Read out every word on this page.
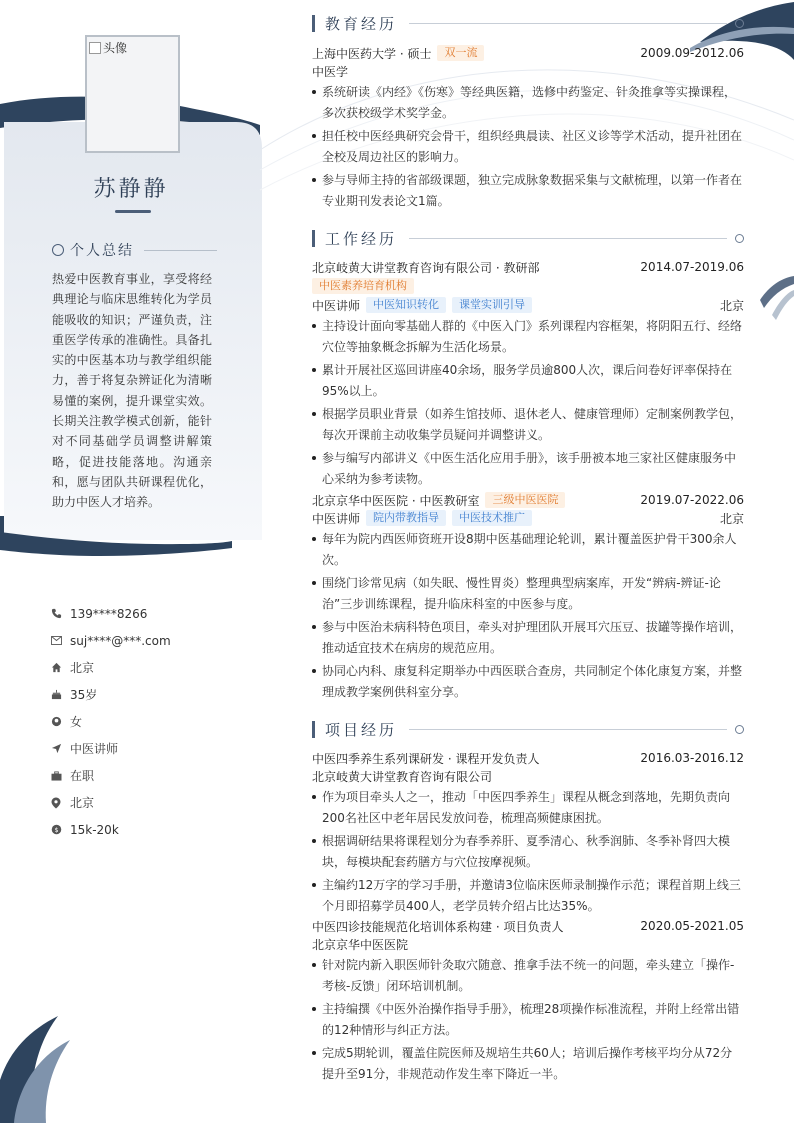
头像
苏静静
个人总结
热爱中医教育事业，享受将经典理论与临床思维转化为学员能吸收的知识；严谨负责，注重医学传承的准确性。具备扎实的中医基本功与教学组织能力，善于将复杂辨证化为清晰易懂的案例，提升课堂实效。长期关注教学模式创新，能针对不同基础学员调整讲解策略，促进技能落地。沟通亲和，愿与团队共研课程优化，助力中医人才培养。
139****8266
suj****@***.com
北京
35岁
女
中医讲师
在职
北京
$ 15k-20k
教育经历
上海中医药大学 · 硕士	双一流	2009.09-2012.06
中医学
系统研读《内经》《伤寒》等经典医籍，选修中药鉴定、针灸推拿等实操课程，多次获校级学术奖学金。
担任校中医经典研究会骨干，组织经典晨读、社区义诊等学术活动，提升社团在全校及周边社区的影响力。
参与导师主持的省部级课题，独立完成脉象数据采集与文献梳理，以第一作者在专业期刊发表论文1篇。
工作经历
北京岐黄大讲堂教育咨询有限公司 · 教研部	2014.07-2019.06
中医素养培育机构
中医讲师	中医知识转化	课堂实训引导	北京
主持设计面向零基础人群的《中医入门》系列课程内容框架，将阴阳五行、经络穴位等抽象概念拆解为生活化场景。
累计开展社区巡回讲座40余场，服务学员逾800人次，课后问卷好评率保持在95%以上。
根据学员职业背景（如养生馆技师、退休老人、健康管理师）定制案例教学包，每次开课前主动收集学员疑问并调整讲义。
参与编写内部讲义《中医生活化应用手册》，该手册被本地三家社区健康服务中心采纳为参考读物。
北京京华中医医院 · 中医教研室	三级中医医院	2019.07-2022.06
中医讲师	院内带教指导	中医技术推广	北京
每年为院内西医师资班开设8期中医基础理论轮训，累计覆盖医护骨干300余人次。
围绕门诊常见病（如失眠、慢性胃炎）整理典型病案库，开发“辨病-辨证-论治”三步训练课程，提升临床科室的中医参与度。
参与中医治未病科特色项目，牵头对护理团队开展耳穴压豆、拔罐等操作培训，推动适宜技术在病房的规范应用。
协同心内科、康复科定期举办中西医联合查房，共同制定个体化康复方案，并整理成教学案例供科室分享。
项目经历
中医四季养生系列课研发 · 课程开发负责人	2016.03-2016.12
北京岐黄大讲堂教育咨询有限公司
作为项目牵头人之一，推动「中医四季养生」课程从概念到落地，先期负责向200名社区中老年居民发放问卷，梳理高频健康困扰。
根据调研结果将课程划分为春季养肝、夏季清心、秋季润肺、冬季补肾四大模块，每模块配套药膳方与穴位按摩视频。
主编约12万字的学习手册，并邀请3位临床医师录制操作示范；课程首期上线三个月即招募学员400人，老学员转介绍占比达35%。
中医四诊技能规范化培训体系构建 · 项目负责人	2020.05-2021.05
北京京华中医医院
针对院内新入职医师针灸取穴随意、推拿手法不统一的问题，牵头建立「操作-考核-反馈」闭环培训机制。
主持编撰《中医外治操作指导手册》，梳理28项操作标准流程，并附上经常出错的12种情形与纠正方法。
完成5期轮训，覆盖住院医师及规培生共60人；培训后操作考核平均分从72分提升至91分，非规范动作发生率下降近一半。
